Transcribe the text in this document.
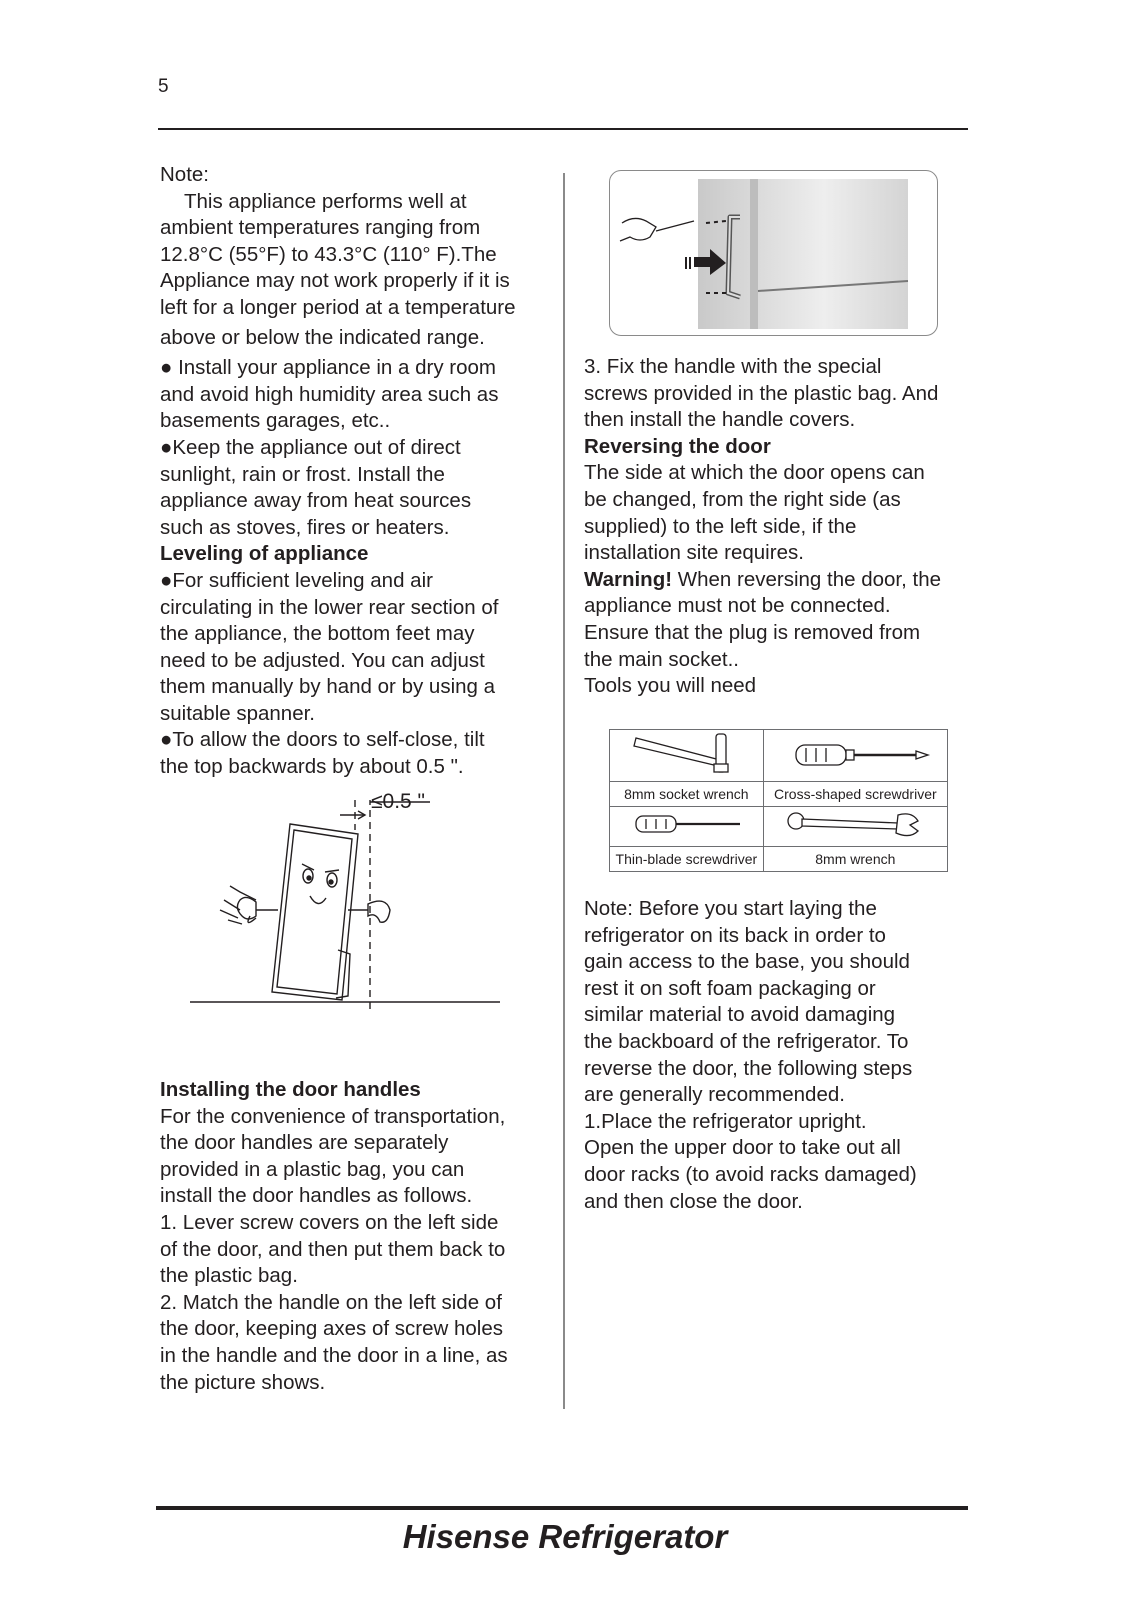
5

Note:

This appliance performs well at

ambient temperatures ranging from

12.8°C (55°F) to 43.3°C (110° F).The

Appliance may not work properly if it is

left for a longer period at a temperature

above or below the indicated range.

● Install your appliance in a dry room

and avoid high humidity area such as

basements garages, etc..

●Keep the appliance out of direct

sunlight, rain or frost. Install the

appliance away from heat sources

such as stoves, fires or heaters.

Leveling of appliance

●For sufficient leveling and air

circulating in the lower rear section of

the appliance, the bottom feet may

need to be adjusted. You can adjust

them manually by hand or by using a

suitable spanner.

●To allow the doors to self-close, tilt

the top backwards by about 0.5 ".

≤0.5 "

Installing the door handles

For the convenience of transportation,

the door handles are separately

provided in a plastic bag, you can

install the door handles as follows.

1. Lever screw covers on the left side

of the door, and then put them back to

the plastic bag.

2. Match the handle on the left side of

the door, keeping axes of screw holes

in the handle and the door in a line, as

the picture shows.

3. Fix the handle with the special

screws provided in the plastic bag. And

then install the handle covers.

Reversing the door

The side at which the door opens can

be changed, from the right side (as

supplied) to the left side, if the

installation site requires.

Warning! When reversing the door, the

appliance must not be connected.

Ensure that the plug is removed from

the main socket..

Tools you will need

8mm socket wrench	Cross-shaped screwdriver

Thin-blade screwdriver	8mm wrench

Note: Before you start laying the

refrigerator on its back in order to

gain access to the base, you should

rest it on soft foam packaging or

similar material to avoid damaging

the backboard of the refrigerator. To

reverse the door, the following steps

are generally recommended.

1.Place the refrigerator upright.

Open the upper door to take out all

door racks (to avoid racks damaged)

and then close the door.

Hisense Refrigerator
